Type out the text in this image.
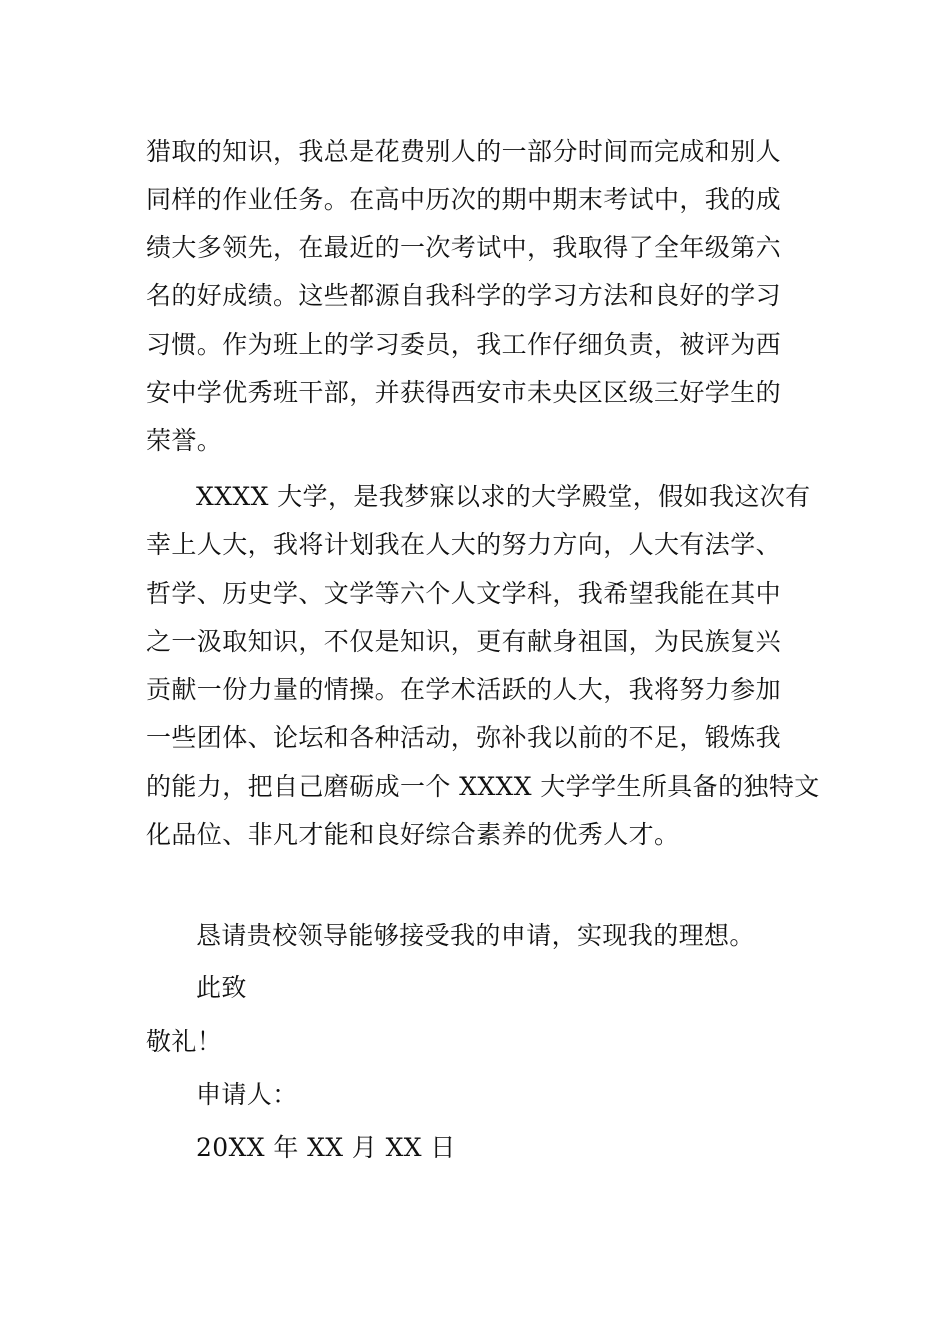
猎取的知识，我总是花费别人的一部分时间而完成和别人
同样的作业任务。在高中历次的期中期末考试中，我的成
绩大多领先，在最近的一次考试中，我取得了全年级第六
名的好成绩。这些都源自我科学的学习方法和良好的学习
习惯。作为班上的学习委员，我工作仔细负责，被评为西
安中学优秀班干部，并获得西安市未央区区级三好学生的
荣誉。
XXXX 大学，是我梦寐以求的大学殿堂，假如我这次有
幸上人大，我将计划我在人大的努力方向，人大有法学、
哲学、历史学、文学等六个人文学科，我希望我能在其中
之一汲取知识，不仅是知识，更有献身祖国，为民族复兴
贡献一份力量的情操。在学术活跃的人大，我将努力参加
一些团体、论坛和各种活动，弥补我以前的不足，锻炼我
的能力，把自己磨砺成一个 XXXX 大学学生所具备的独特文
化品位、非凡才能和良好综合素养的优秀人才。
恳请贵校领导能够接受我的申请，实现我的理想。
此致
敬礼！
申请人：
20XX 年 XX 月 XX 日
